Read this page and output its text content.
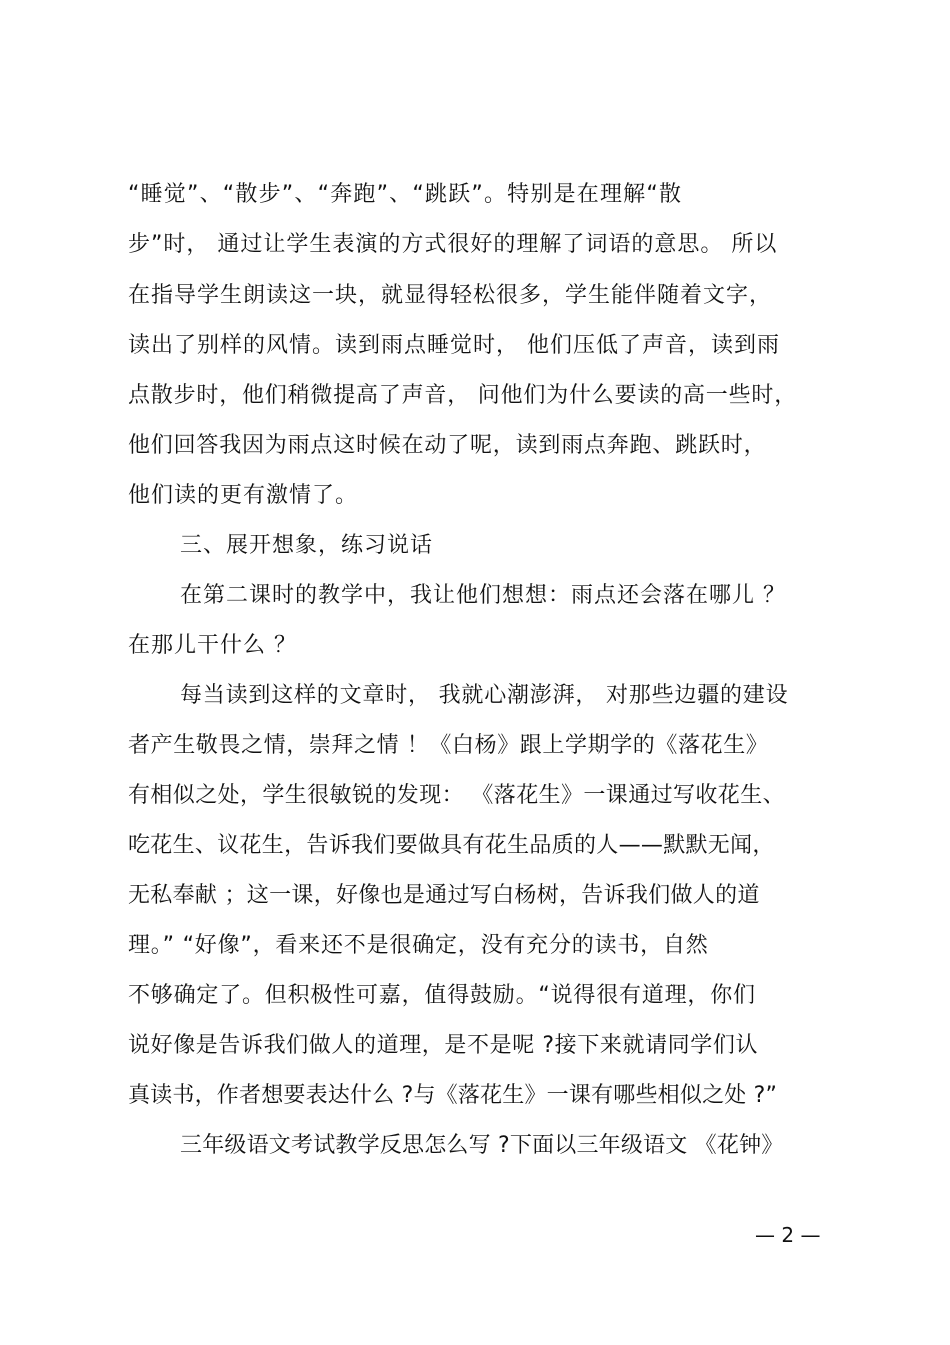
“睡觉”、“散步”、“奔跑”、“跳跃”。特别是在理解“散
步”时， 通过让学生表演的方式很好的理解了词语的意思。 所以
在指导学生朗读这一块，就显得轻松很多，学生能伴随着文字，
读出了别样的风情。读到雨点睡觉时， 他们压低了声音，读到雨
点散步时，他们稍微提高了声音， 问他们为什么要读的高一些时，
他们回答我因为雨点这时候在动了呢，读到雨点奔跑、跳跃时，
他们读的更有激情了。
三、展开想象，练习说话
在第二课时的教学中，我让他们想想：雨点还会落在哪儿 ？
在那儿干什么 ？
每当读到这样的文章时， 我就心潮澎湃， 对那些边疆的建设
者产生敬畏之情，崇拜之情 ！《白杨》跟上学期学的《落花生》
有相似之处，学生很敏锐的发现： 《落花生》一课通过写收花生、
吃花生、议花生，告诉我们要做具有花生品质的人——默默无闻，
无私奉献 ；这一课，好像也是通过写白杨树，告诉我们做人的道
理。” “好像”，看来还不是很确定，没有充分的读书，自然
不够确定了。但积极性可嘉，值得鼓励。“说得很有道理，你们
说好像是告诉我们做人的道理，是不是呢 ?接下来就请同学们认
真读书，作者想要表达什么 ?与《落花生》一课有哪些相似之处 ?”
三年级语文考试教学反思怎么写 ?下面以三年级语文 《花钟》
— 2 —
